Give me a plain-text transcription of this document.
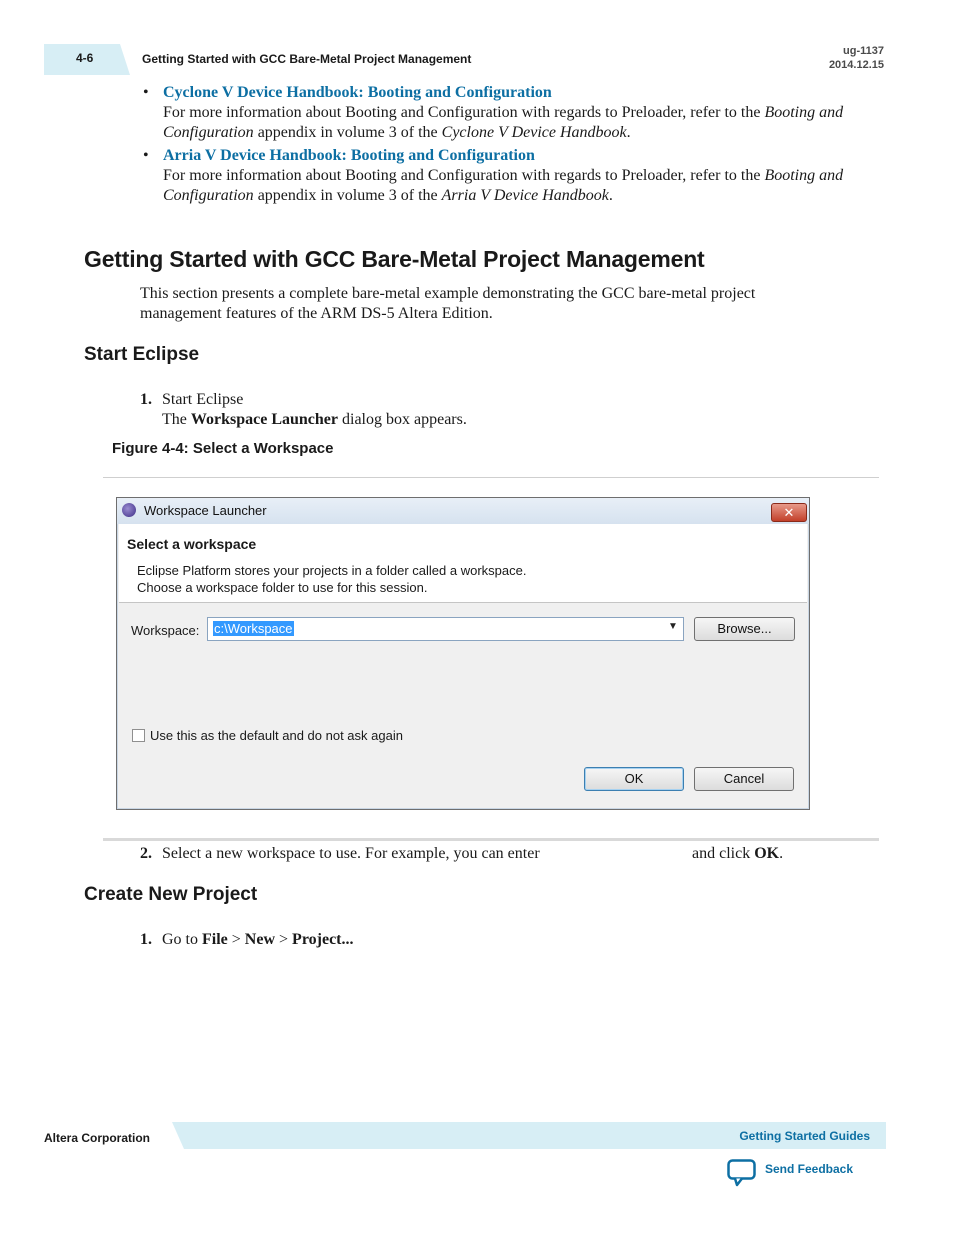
4-6	Getting Started with GCC Bare-Metal Project Management
ug-1137
2014.12.15
• Cyclone V Device Handbook: Booting and Configuration
For more information about Booting and Configuration with regards to Preloader, refer to the Booting and Configuration appendix in volume 3 of the Cyclone V Device Handbook.
• Arria V Device Handbook: Booting and Configuration
For more information about Booting and Configuration with regards to Preloader, refer to the Booting and Configuration appendix in volume 3 of the Arria V Device Handbook.
Getting Started with GCC Bare-Metal Project Management
This section presents a complete bare-metal example demonstrating the GCC bare-metal project management features of the ARM DS-5 Altera Edition.
Start Eclipse
1. Start Eclipse
The Workspace Launcher dialog box appears.
Figure 4-4: Select a Workspace
Workspace Launcher	✕
Select a workspace
Eclipse Platform stores your projects in a folder called a workspace.
Choose a workspace folder to use for this session.
Workspace: c:\Workspace	▼	Browse...
Use this as the default and do not ask again
OK	Cancel
2. Select a new workspace to use. For example, you can enter	and click OK.
Create New Project
1. Go to File > New > Project...
Altera Corporation	Getting Started Guides
Send Feedback
